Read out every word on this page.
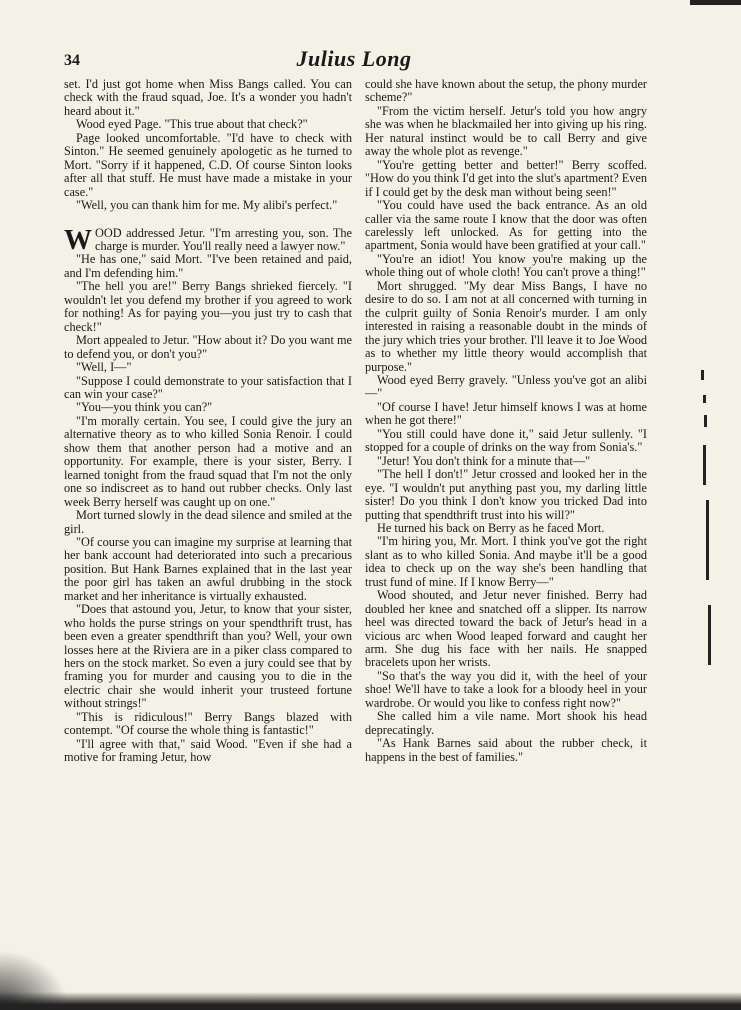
34	Julius Long

set. I'd just got home when Miss Bangs called. You can check with the fraud squad, Joe. It's a wonder you hadn't heard about it."

Wood eyed Page. "This true about that check?"

Page looked uncomfortable. "I'd have to check with Sinton." He seemed genuinely apologetic as he turned to Mort. "Sorry if it happened, C.D. Of course Sinton looks after all that stuff. He must have made a mistake in your case."

"Well, you can thank him for me. My alibi's perfect."

WOOD addressed Jetur. "I'm arresting you, son. The charge is murder. You'll really need a lawyer now."

"He has one," said Mort. "I've been retained and paid, and I'm defending him."

"The hell you are!" Berry Bangs shrieked fiercely. "I wouldn't let you defend my brother if you agreed to work for nothing! As for paying you—you just try to cash that check!"

Mort appealed to Jetur. "How about it? Do you want me to defend you, or don't you?"

"Well, I—"

"Suppose I could demonstrate to your satisfaction that I can win your case?"

"You—you think you can?"

"I'm morally certain. You see, I could give the jury an alternative theory as to who killed Sonia Renoir. I could show them that another person had a motive and an opportunity. For example, there is your sister, Berry. I learned tonight from the fraud squad that I'm not the only one so indiscreet as to hand out rubber checks. Only last week Berry herself was caught up on one."

Mort turned slowly in the dead silence and smiled at the girl.

"Of course you can imagine my surprise at learning that her bank account had deteriorated into such a precarious position. But Hank Barnes explained that in the last year the poor girl has taken an awful drubbing in the stock market and her inheritance is virtually exhausted.

"Does that astound you, Jetur, to know that your sister, who holds the purse strings on your spendthrift trust, has been even a greater spendthrift than you? Well, your own losses here at the Riviera are in a piker class compared to hers on the stock market. So even a jury could see that by framing you for murder and causing you to die in the electric chair she would inherit your trusteed fortune without strings!"

"This is ridiculous!" Berry Bangs blazed with contempt. "Of course the whole thing is fantastic!"

"I'll agree with that," said Wood. "Even if she had a motive for framing Jetur, how

could she have known about the setup, the phony murder scheme?"

"From the victim herself. Jetur's told you how angry she was when he blackmailed her into giving up his ring. Her natural instinct would be to call Berry and give away the whole plot as revenge."

"You're getting better and better!" Berry scoffed. "How do you think I'd get into the slut's apartment? Even if I could get by the desk man without being seen!"

"You could have used the back entrance. As an old caller via the same route I know that the door was often carelessly left unlocked. As for getting into the apartment, Sonia would have been gratified at your call."

"You're an idiot! You know you're making up the whole thing out of whole cloth! You can't prove a thing!"

Mort shrugged. "My dear Miss Bangs, I have no desire to do so. I am not at all concerned with turning in the culprit guilty of Sonia Renoir's murder. I am only interested in raising a reasonable doubt in the minds of the jury which tries your brother. I'll leave it to Joe Wood as to whether my little theory would accomplish that purpose."

Wood eyed Berry gravely. "Unless you've got an alibi—"

"Of course I have! Jetur himself knows I was at home when he got there!"

"You still could have done it," said Jetur sullenly. "I stopped for a couple of drinks on the way from Sonia's."

"Jetur! You don't think for a minute that—"

"The hell I don't!" Jetur crossed and looked her in the eye. "I wouldn't put anything past you, my darling little sister! Do you think I don't know you tricked Dad into putting that spendthrift trust into his will?"

He turned his back on Berry as he faced Mort.

"I'm hiring you, Mr. Mort. I think you've got the right slant as to who killed Sonia. And maybe it'll be a good idea to check up on the way she's been handling that trust fund of mine. If I know Berry—"

Wood shouted, and Jetur never finished. Berry had doubled her knee and snatched off a slipper. Its narrow heel was directed toward the back of Jetur's head in a vicious arc when Wood leaped forward and caught her arm. She dug his face with her nails. He snapped bracelets upon her wrists.

"So that's the way you did it, with the heel of your shoe! We'll have to take a look for a bloody heel in your wardrobe. Or would you like to confess right now?"

She called him a vile name. Mort shook his head deprecatingly.

"As Hank Barnes said about the rubber check, it happens in the best of families."
